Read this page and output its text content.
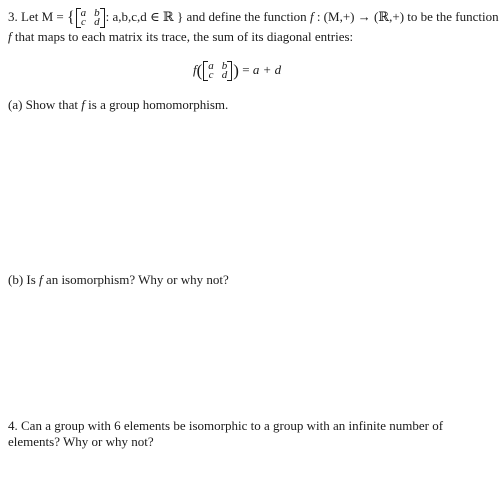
3. Let M = { a b
c d : a,b,c,d ∈ ℝ } and define the function f : (M,+) → (ℝ,+) to be the function
f that maps to each matrix its trace, the sum of its diagonal entries:
f( a b
c d ) = a + d
(a) Show that f is a group homomorphism.
(b) Is f an isomorphism? Why or why not?
4. Can a group with 6 elements be isomorphic to a group with an infinite number of
elements? Why or why not?
